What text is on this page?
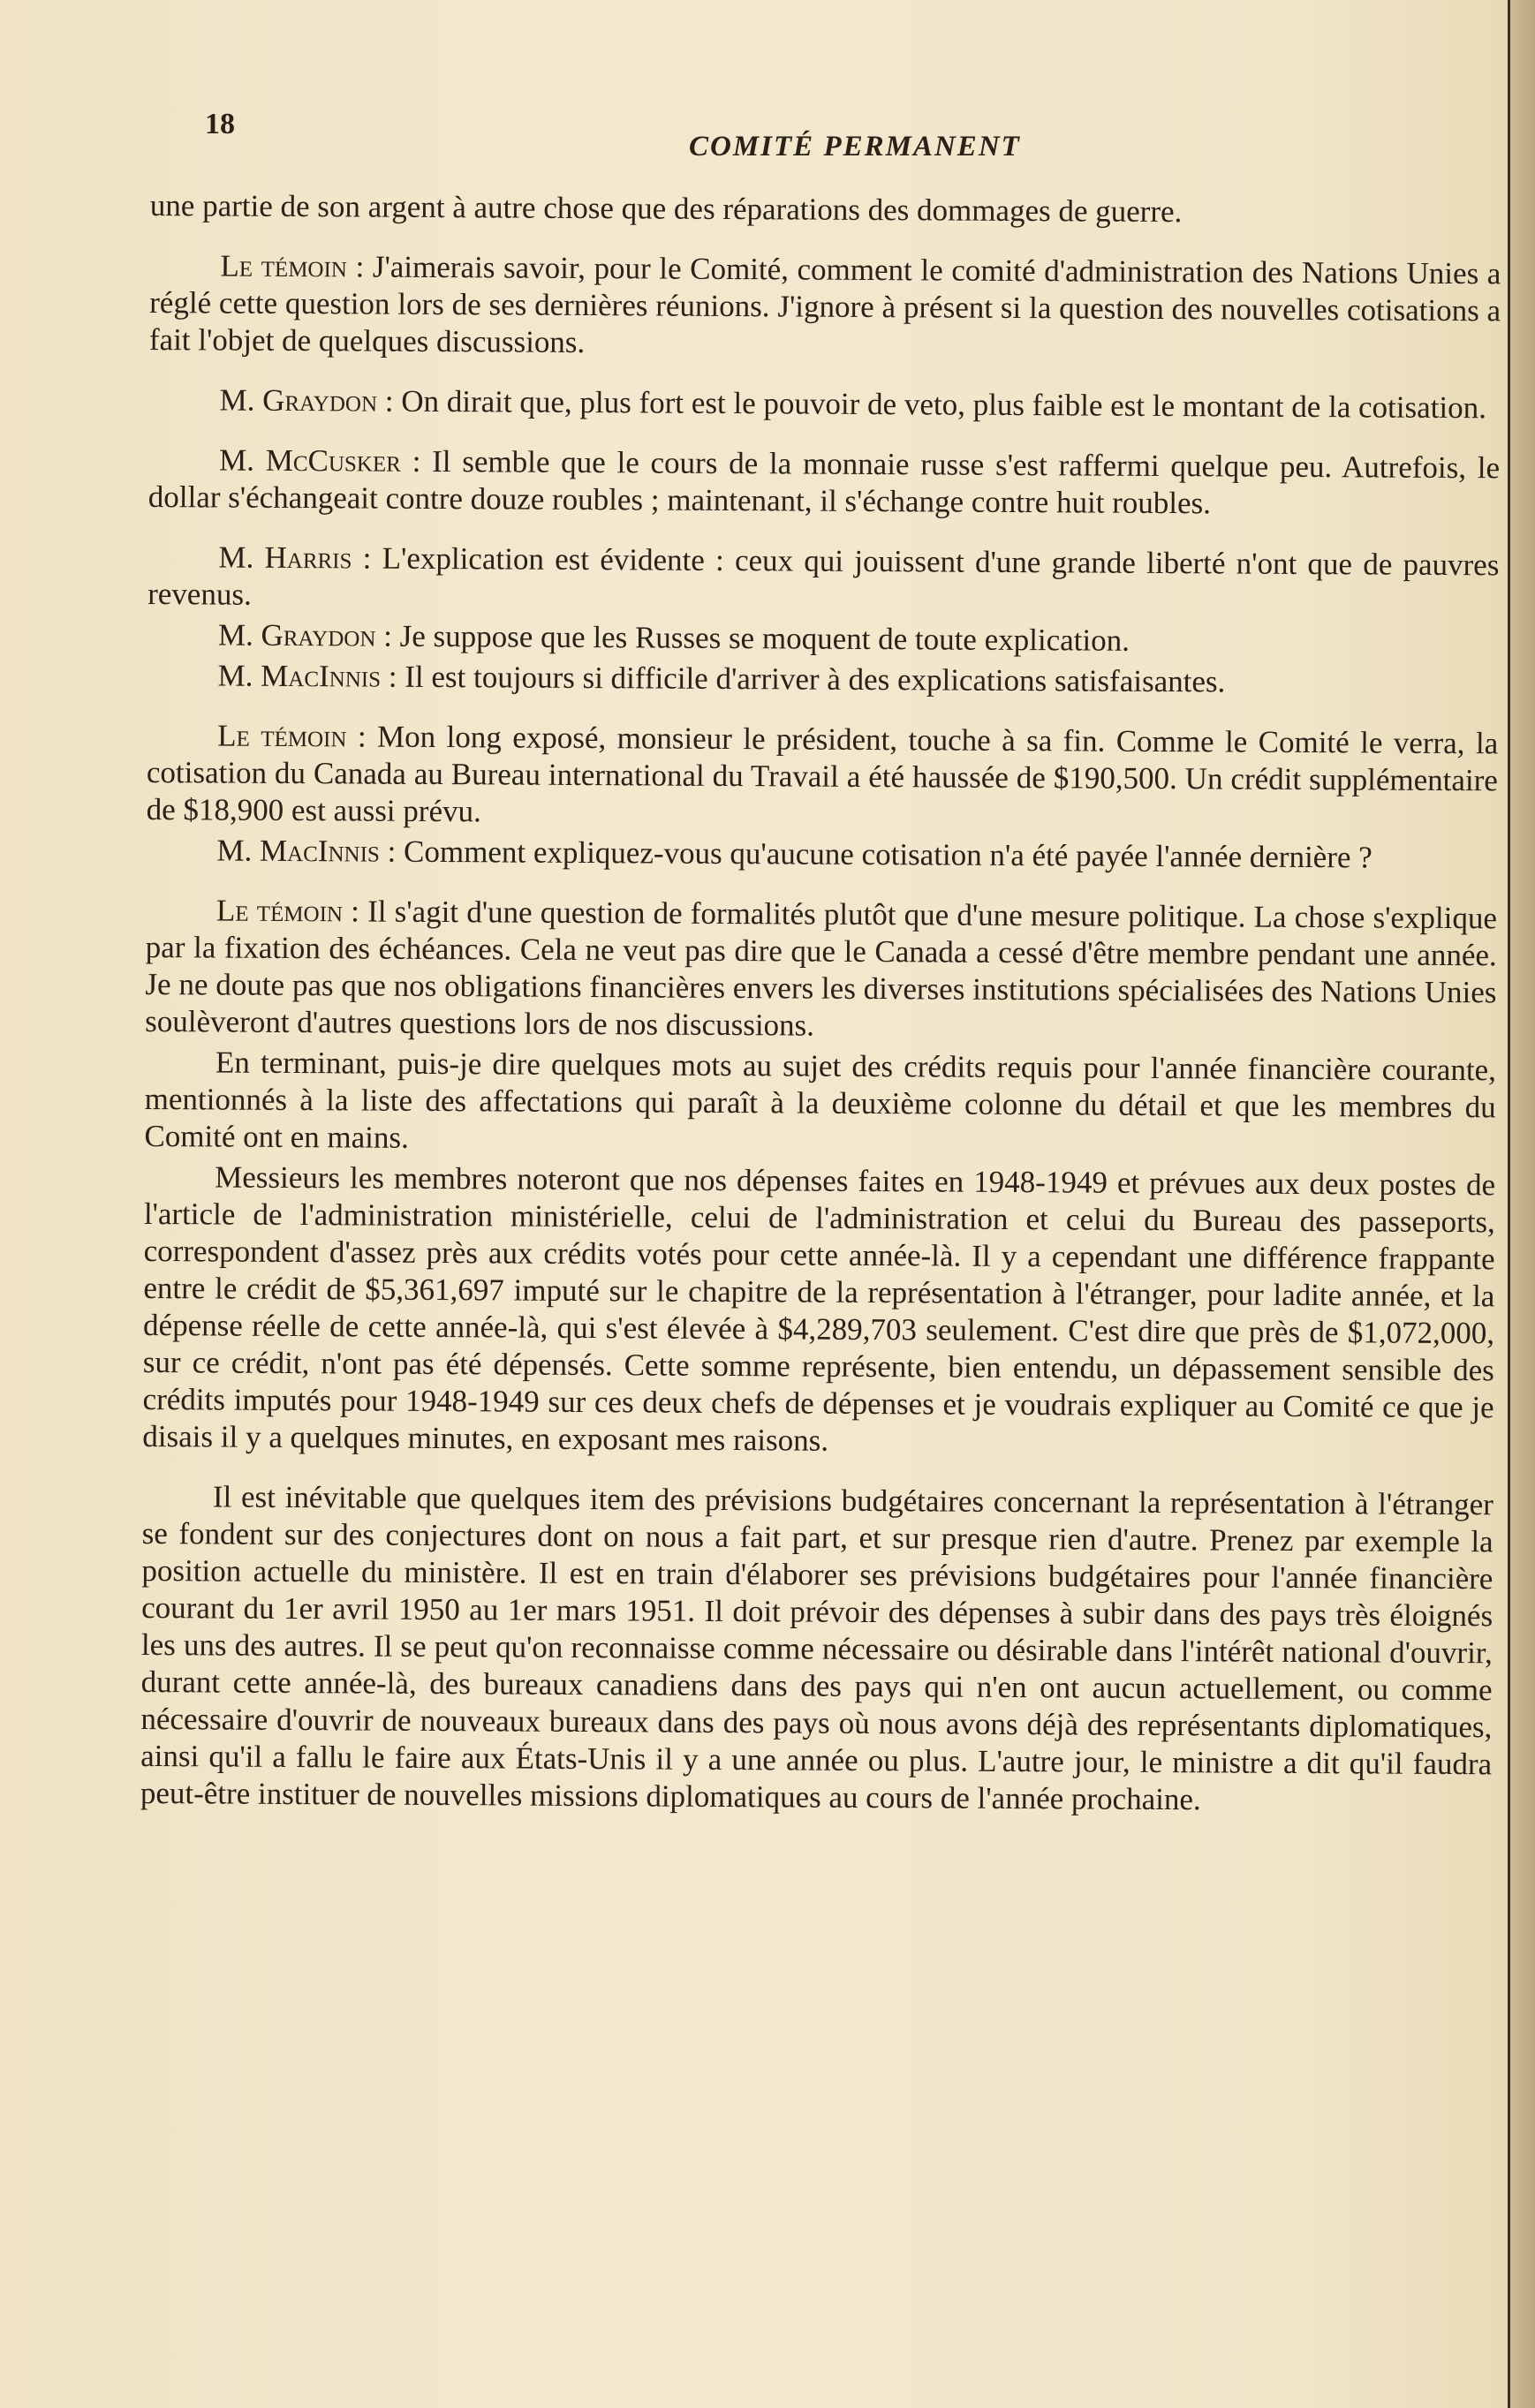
18
COMITÉ PERMANENT

une partie de son argent à autre chose que des réparations des dommages de guerre.

Le témoin : J'aimerais savoir, pour le Comité, comment le comité d'administration des Nations Unies a réglé cette question lors de ses dernières réunions. J'ignore à présent si la question des nouvelles cotisations a fait l'objet de quelques discussions.

M. Graydon : On dirait que, plus fort est le pouvoir de veto, plus faible est le montant de la cotisation.

M. McCusker : Il semble que le cours de la monnaie russe s'est raffermi quelque peu. Autrefois, le dollar s'échangeait contre douze roubles ; maintenant, il s'échange contre huit roubles.

M. Harris : L'explication est évidente : ceux qui jouissent d'une grande liberté n'ont que de pauvres revenus.

M. Graydon : Je suppose que les Russes se moquent de toute explication.

M. MacInnis : Il est toujours si difficile d'arriver à des explications satisfaisantes.

Le témoin : Mon long exposé, monsieur le président, touche à sa fin. Comme le Comité le verra, la cotisation du Canada au Bureau international du Travail a été haussée de $190,500. Un crédit supplémentaire de $18,900 est aussi prévu.

M. MacInnis : Comment expliquez-vous qu'aucune cotisation n'a été payée l'année dernière ?

Le témoin : Il s'agit d'une question de formalités plutôt que d'une mesure politique. La chose s'explique par la fixation des échéances. Cela ne veut pas dire que le Canada a cessé d'être membre pendant une année. Je ne doute pas que nos obligations financières envers les diverses institutions spécialisées des Nations Unies soulèveront d'autres questions lors de nos discussions.

En terminant, puis-je dire quelques mots au sujet des crédits requis pour l'année financière courante, mentionnés à la liste des affectations qui paraît à la deuxième colonne du détail et que les membres du Comité ont en mains.

Messieurs les membres noteront que nos dépenses faites en 1948-1949 et prévues aux deux postes de l'article de l'administration ministérielle, celui de l'administration et celui du Bureau des passeports, correspondent d'assez près aux crédits votés pour cette année-là. Il y a cependant une différence frappante entre le crédit de $5,361,697 imputé sur le chapitre de la représentation à l'étranger, pour ladite année, et la dépense réelle de cette année-là, qui s'est élevée à $4,289,703 seulement. C'est dire que près de $1,072,000, sur ce crédit, n'ont pas été dépensés. Cette somme représente, bien entendu, un dépassement sensible des crédits imputés pour 1948-1949 sur ces deux chefs de dépenses et je voudrais expliquer au Comité ce que je disais il y a quelques minutes, en exposant mes raisons.

Il est inévitable que quelques item des prévisions budgétaires concernant la représentation à l'étranger se fondent sur des conjectures dont on nous a fait part, et sur presque rien d'autre. Prenez par exemple la position actuelle du ministère. Il est en train d'élaborer ses prévisions budgétaires pour l'année financière courant du 1er avril 1950 au 1er mars 1951. Il doit prévoir des dépenses à subir dans des pays très éloignés les uns des autres. Il se peut qu'on reconnaisse comme nécessaire ou désirable dans l'intérêt national d'ouvrir, durant cette année-là, des bureaux canadiens dans des pays qui n'en ont aucun actuellement, ou comme nécessaire d'ouvrir de nouveaux bureaux dans des pays où nous avons déjà des représentants diplomatiques, ainsi qu'il a fallu le faire aux États-Unis il y a une année ou plus. L'autre jour, le ministre a dit qu'il faudra peut-être instituer de nouvelles missions diplomatiques au cours de l'année prochaine.
